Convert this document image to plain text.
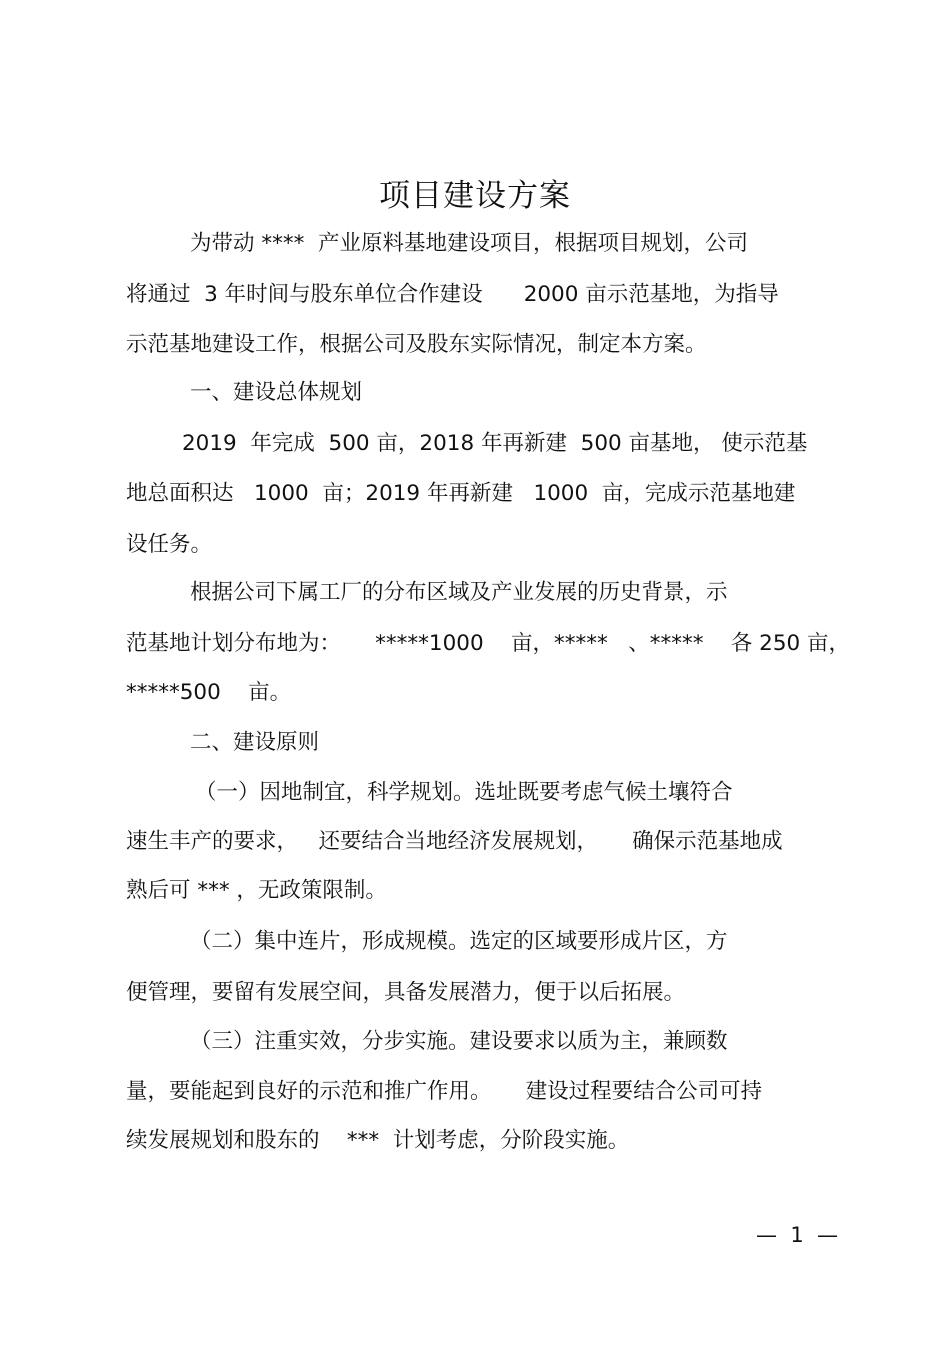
项目建设方案
为带动 ****  产业原料基地建设项目，根据项目规划，公司
将通过  3 年时间与股东单位合作建设      2000 亩示范基地，为指导
示范基地建设工作，根据公司及股东实际情况，制定本方案。
一、建设总体规划
2019  年完成  500 亩，2018 年再新建  500 亩基地， 使示范基
地总面积达   1000  亩；2019 年再新建   1000  亩，完成示范基地建
设任务。
根据公司下属工厂的分布区域及产业发展的历史背景，示
范基地计划分布地为：     *****1000    亩，*****   、*****    各 250 亩，
*****500    亩。
二、建设原则
（一）因地制宜，科学规划。选址既要考虑气候土壤符合
速生丰产的要求，   还要结合当地经济发展规划，     确保示范基地成
熟后可 *** ，无政策限制。
（二）集中连片，形成规模。选定的区域要形成片区，方
便管理，要留有发展空间，具备发展潜力，便于以后拓展。
（三）注重实效，分步实施。建设要求以质为主，兼顾数
量，要能起到良好的示范和推广作用。     建设过程要结合公司可持
续发展规划和股东的    ***  计划考虑，分阶段实施。
—  1  —
